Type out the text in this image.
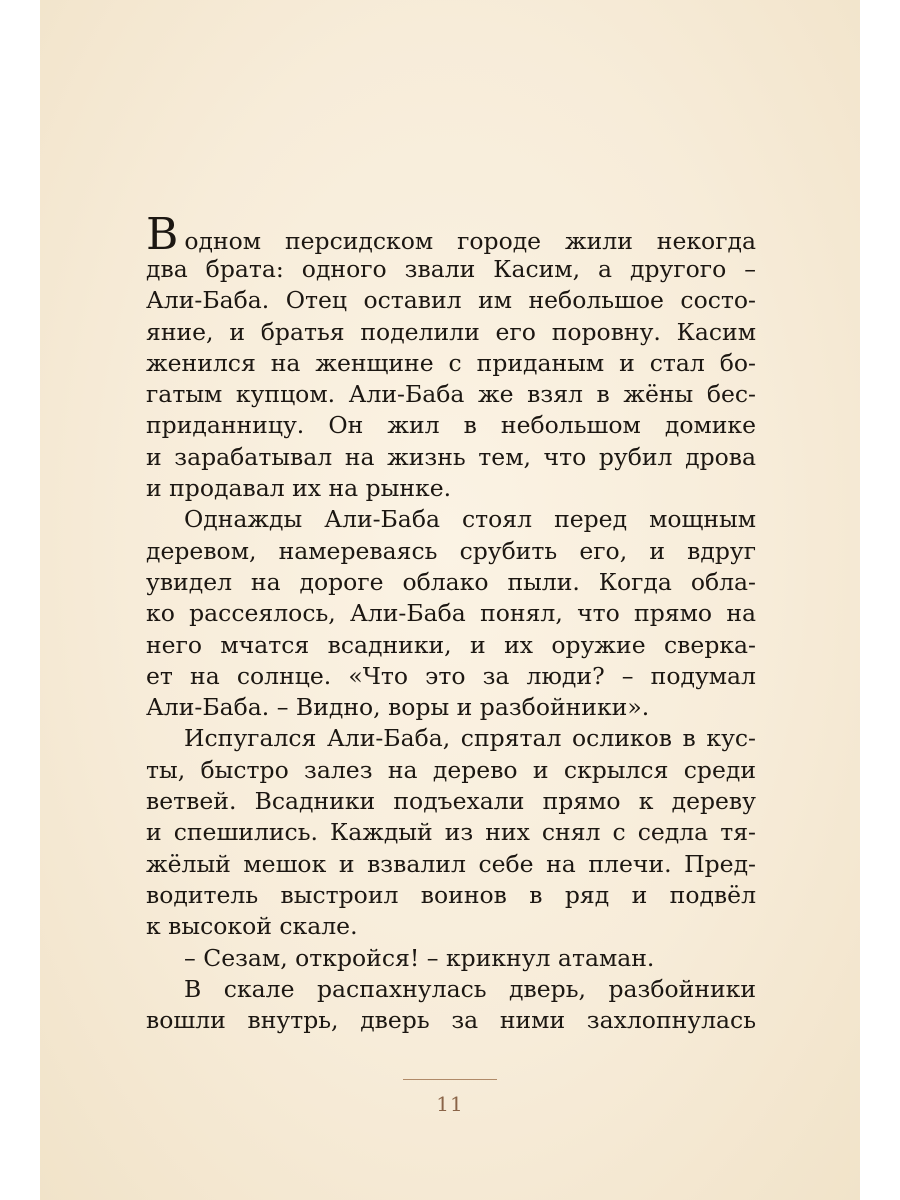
Водном персидском городе жили некогда
два брата: одного звали Касим, а другого –
Али-Баба. Отец оставил им небольшое состо-
яние, и братья поделили его поровну. Касим
женился на женщине с приданым и стал бо-
гатым купцом. Али-Баба же взял в жёны бес-
приданницу. Он жил в небольшом домике
и зарабатывал на жизнь тем, что рубил дрова
и продавал их на рынке.
Однажды Али-Баба стоял перед мощным
деревом, намереваясь срубить его, и вдруг
увидел на дороге облако пыли. Когда обла-
ко рассеялось, Али-Баба понял, что прямо на
него мчатся всадники, и их оружие сверка-
ет на солнце. «Что это за люди? – подумал
Али-Баба. – Видно, воры и разбойники».
Испугался Али-Баба, спрятал осликов в кус-
ты, быстро залез на дерево и скрылся среди
ветвей. Всадники подъехали прямо к дереву
и спешились. Каждый из них снял с седла тя-
жёлый мешок и взвалил себе на плечи. Пред-
водитель выстроил воинов в ряд и подвёл
к высокой скале.
– Сезам, откройся! – крикнул атаман.
В скале распахнулась дверь, разбойники
вошли внутрь, дверь за ними захлопнулась
11
